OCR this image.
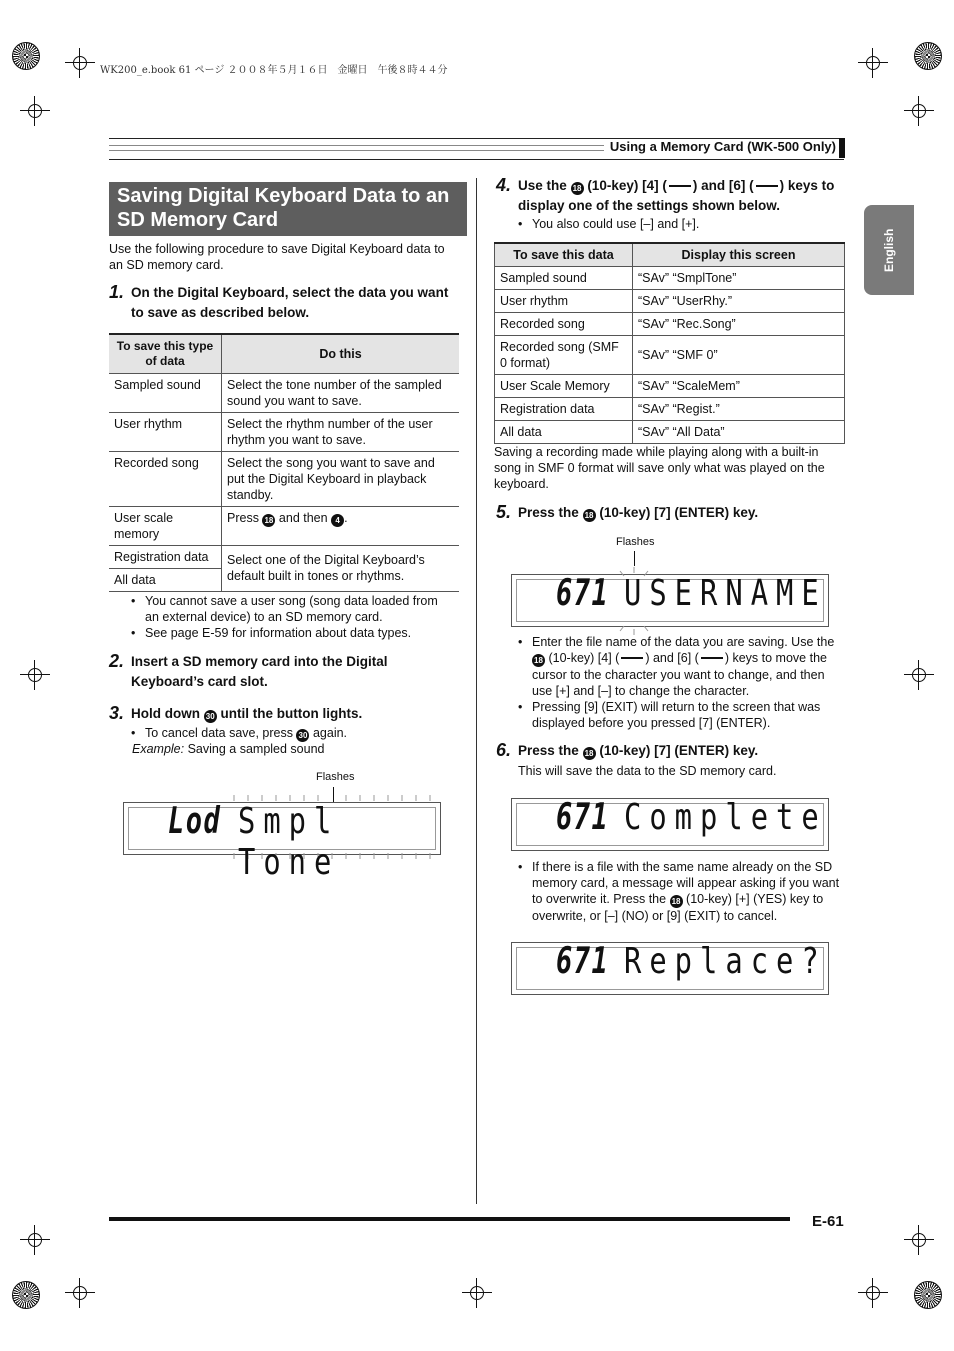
WK200_e.book 61 ページ ２００８年５月１６日　金曜日　午後８時４４分
Using a Memory Card (WK-500 Only)
English
Saving Digital Keyboard Data to an SD Memory Card
Use the following procedure to save Digital Keyboard data to an SD memory card.
1. On the Digital Keyboard, select the data you want to save as described below.
To save this type of data	Do this
Sampled sound	Select the tone number of the sampled sound you want to save.
User rhythm	Select the rhythm number of the user rhythm you want to save.
Recorded song	Select the song you want to save and put the Digital Keyboard in playback standby.
User scale memory	Press 18 and then 4 .
Registration data	Select one of the Digital Keyboard’s default built in tones or rhythms.
All data	
• You cannot save a user song (song data loaded from an external device) to an SD memory card.
• See page E-59 for information about data types.
2. Insert a SD memory card into the Digital Keyboard’s card slot.
3. Hold down 30 until the button lights.
• To cancel data save, press 30 again.
Example: Saving a sampled sound
Flashes
Lod Smpl Tone
4. Use the 18 (10-key) [4] ( ) and [6] ( ) keys to display one of the settings shown below.
• You also could use [–] and [+].
To save this data	Display this screen
Sampled sound	“SAv” “SmplTone”
User rhythm	“SAv” “UserRhy.”
Recorded song	“SAv” “Rec.Song”
Recorded song (SMF 0 format)	“SAv” “SMF 0”
User Scale Memory	“SAv” “ScaleMem”
Registration data	“SAv” “Regist.”
All data	“SAv” “All Data”
Saving a recording made while playing along with a built-in song in SMF 0 format will save only what was played on the keyboard.
5. Press the 18 (10-key) [7] (ENTER) key.
Flashes
671 USERNAME
• Enter the file name of the data you are saving. Use the 18 (10-key) [4] ( ) and [6] ( ) keys to move the cursor to the character you want to change, and then use [+] and [–] to change the character.
• Pressing [9] (EXIT) will return to the screen that was displayed before you pressed [7] (ENTER).
6. Press the 18 (10-key) [7] (ENTER) key.
This will save the data to the SD memory card.
671 Complete
• If there is a file with the same name already on the SD memory card, a message will appear asking if you want to overwrite it. Press the 18 (10-key) [+] (YES) key to overwrite, or [–] (NO) or [9] (EXIT) to cancel.
671 Replace?
E-61
